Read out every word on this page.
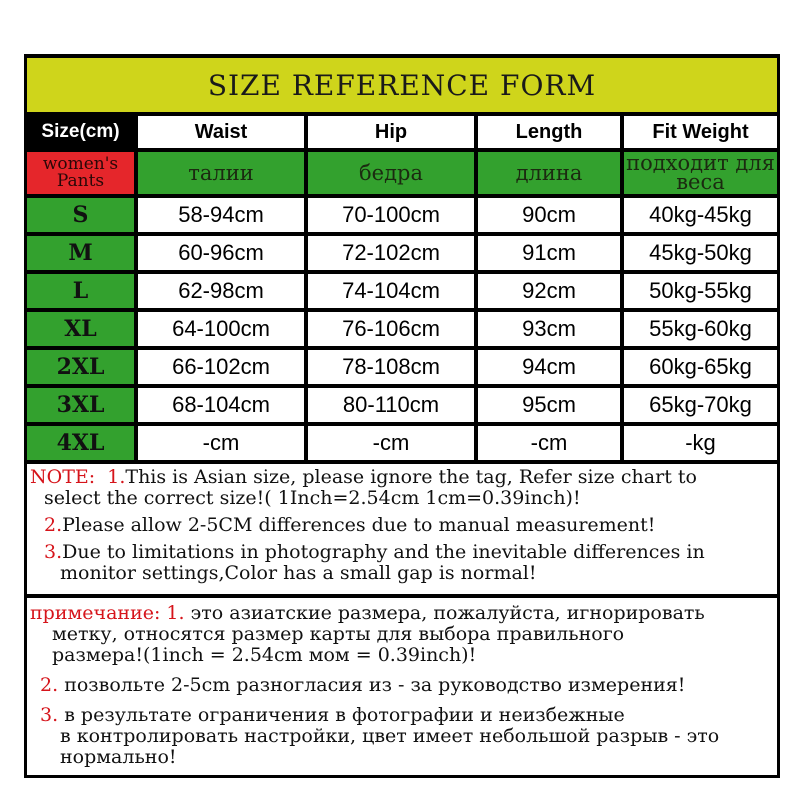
SIZE REFERENCE FORM
Size(cm)	Waist	Hip	Length	Fit Weight
women's Pants	талии	бедра	длина	подходит для веса
S	58-94cm	70-100cm	90cm	40kg-45kg
M	60-96cm	72-102cm	91cm	45kg-50kg
L	62-98cm	74-104cm	92cm	50kg-55kg
XL	64-100cm	76-106cm	93cm	55kg-60kg
2XL	66-102cm	78-108cm	94cm	60kg-65kg
3XL	68-104cm	80-110cm	95cm	65kg-70kg
4XL	-cm	-cm	-cm	-kg

NOTE: 1.This is Asian size, please ignore the tag, Refer size chart to

select the correct size!( 1Inch=2.54cm 1cm=0.39inch)!

2.Please allow 2-5CM differences due to manual measurement!

3.Due to limitations in photography and the inevitable differences in

monitor settings,Color has a small gap is normal!

примечание: 1. это азиатские размера, пожалуйста, игнорировать

метку, относятся размер карты для выбора правильного

размера!(1inch = 2.54cm мом = 0.39inch)!

2. позвольте 2-5cm разногласия из - за руководство измерения!

3. в результате ограничения в фотографии и неизбежные

в контролировать настройки, цвет имеет небольшой разрыв - это

нормально!
